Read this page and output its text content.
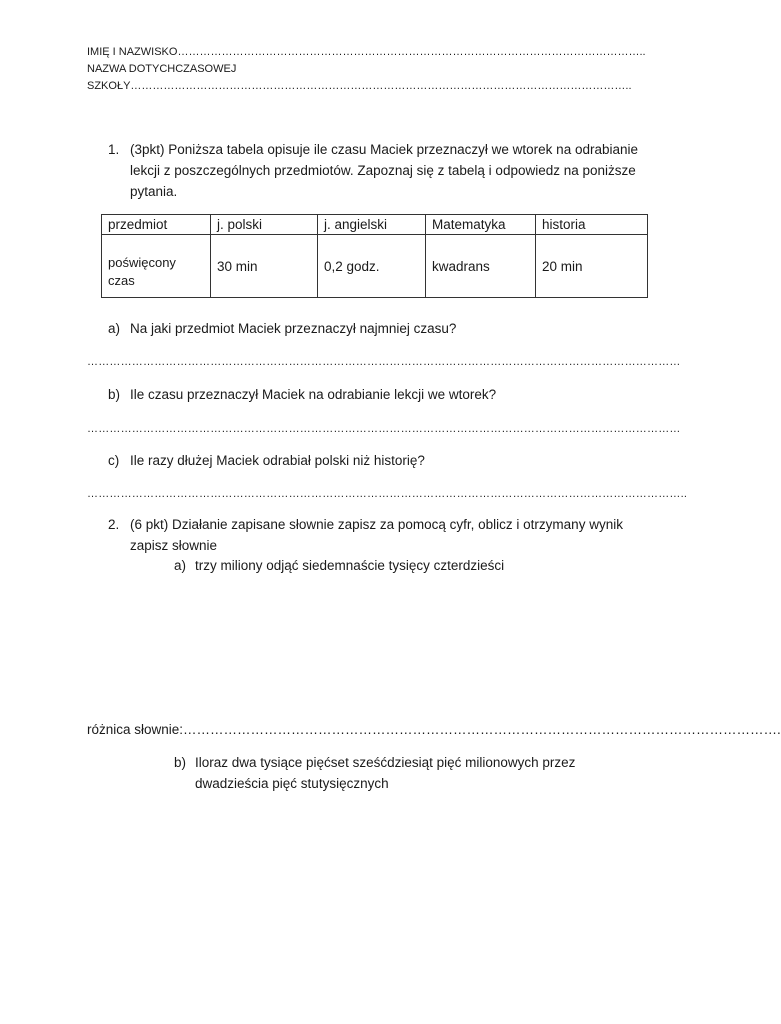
IMIĘ I NAZWISKO………………………………………………………………………………………………………………..
NAZWA DOTYCHCZASOWEJ
SZKOŁY………………………………………………………………………………………………………………………..
1. (3pkt) Poniższa tabela opisuje ile czasu Maciek przeznaczył we wtorek na odrabianie
lekcji z poszczególnych przedmiotów. Zapoznaj się z tabelą i odpowiedz na poniższe
pytania.
przedmiot	j. polski	j. angielski	Matematyka	historia
poświęcony czas	30 min	0,2 godz.	kwadrans	20 min
a) Na jaki przedmiot Maciek przeznaczył najmniej czasu?
……………………………………………………………………………………………………………………………………………
b) Ile czasu przeznaczył Maciek na odrabianie lekcji we wtorek?
……………………………………………………………………………………………………………………………………………
c) Ile razy dłużej Maciek odrabiał polski niż historię?
……………………………………………………………………………………………………………………………………………..
2. (6 pkt) Działanie zapisane słownie zapisz za pomocą cyfr, oblicz i otrzymany wynik
zapisz słownie
a) trzy miliony odjąć siedemnaście tysięcy czterdzieści
różnica słownie:…………………………………………………………………………………………………………………….
b) Iloraz dwa tysiące pięćset sześćdziesiąt pięć milionowych przez
dwadzieścia pięć stutysięcznych
